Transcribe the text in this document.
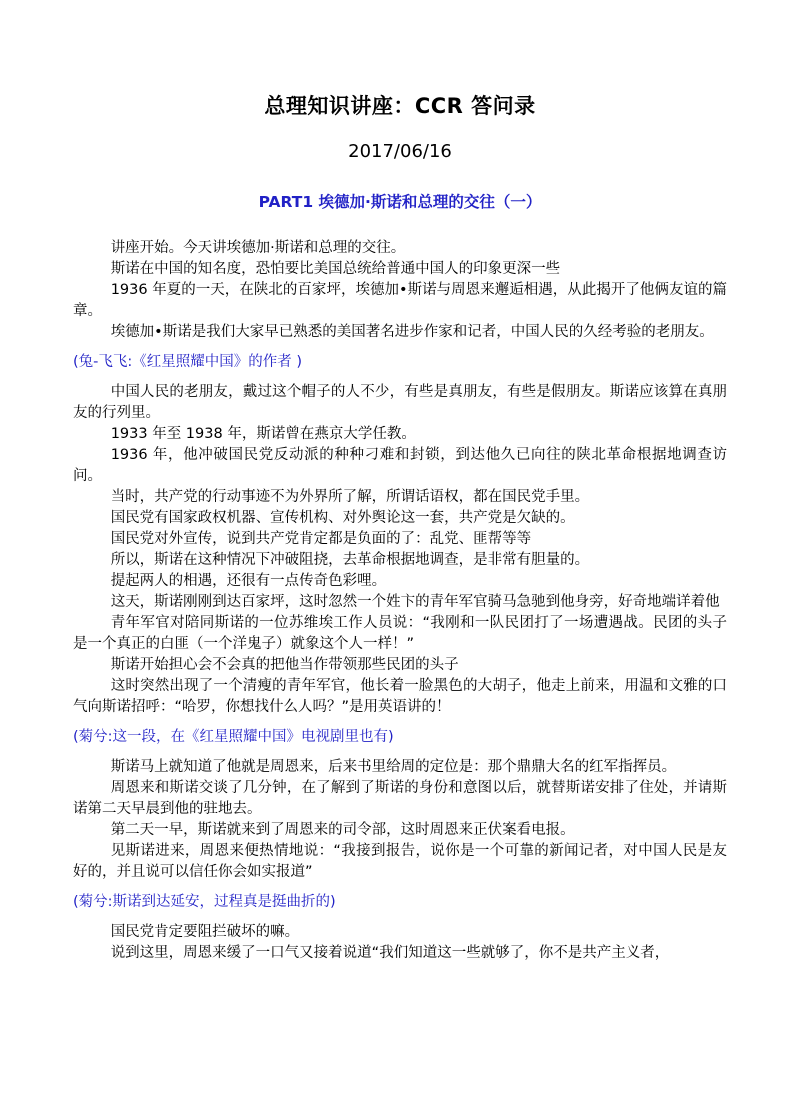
总理知识讲座：CCR 答问录
2017/06/16
PART1 埃德加·斯诺和总理的交往（一）

讲座开始。今天讲埃德加·斯诺和总理的交往。

斯诺在中国的知名度，恐怕要比美国总统给普通中国人的印象更深一些

1936 年夏的一天，在陕北的百家坪，埃德加•斯诺与周恩来邂逅相遇，从此揭开了他俩友谊的篇章。

埃德加•斯诺是我们大家早已熟悉的美国著名进步作家和记者，中国人民的久经考验的老朋友。

(兔-飞飞:《红星照耀中国》的作者 )

中国人民的老朋友，戴过这个帽子的人不少，有些是真朋友，有些是假朋友。斯诺应该算在真朋友的行列里。

1933 年至 1938 年，斯诺曾在燕京大学任教。

1936 年，他冲破国民党反动派的种种刁难和封锁，到达他久已向往的陕北革命根据地调查访问。

当时，共产党的行动事迹不为外界所了解，所谓话语权，都在国民党手里。

国民党有国家政权机器、宣传机构、对外舆论这一套，共产党是欠缺的。

国民党对外宣传，说到共产党肯定都是负面的了：乱党、匪帮等等

所以，斯诺在这种情况下冲破阻挠，去革命根据地调查，是非常有胆量的。

提起两人的相遇，还很有一点传奇色彩哩。

这天，斯诺刚刚到达百家坪，这时忽然一个姓卞的青年军官骑马急驰到他身旁，好奇地端详着他

青年军官对陪同斯诺的一位苏维埃工作人员说：“我刚和一队民团打了一场遭遇战。民团的头子是一个真正的白匪（一个洋鬼子）就象这个人一样！”

斯诺开始担心会不会真的把他当作带领那些民团的头子

这时突然出现了一个清瘦的青年军官，他长着一脸黑色的大胡子，他走上前来，用温和文雅的口气向斯诺招呼：“哈罗，你想找什么人吗？”是用英语讲的！

(菊兮:这一段，在《红星照耀中国》电视剧里也有)

斯诺马上就知道了他就是周恩来，后来书里给周的定位是：那个鼎鼎大名的红军指挥员。

周恩来和斯诺交谈了几分钟，在了解到了斯诺的身份和意图以后，就替斯诺安排了住处，并请斯诺第二天早晨到他的驻地去。

第二天一早，斯诺就来到了周恩来的司令部，这时周恩来正伏案看电报。

见斯诺进来，周恩来便热情地说：“我接到报告，说你是一个可靠的新闻记者，对中国人民是友好的，并且说可以信任你会如实报道”

(菊兮:斯诺到达延安，过程真是挺曲折的)

国民党肯定要阻拦破坏的嘛。

说到这里，周恩来缓了一口气又接着说道“我们知道这一些就够了，你不是共产主义者，
